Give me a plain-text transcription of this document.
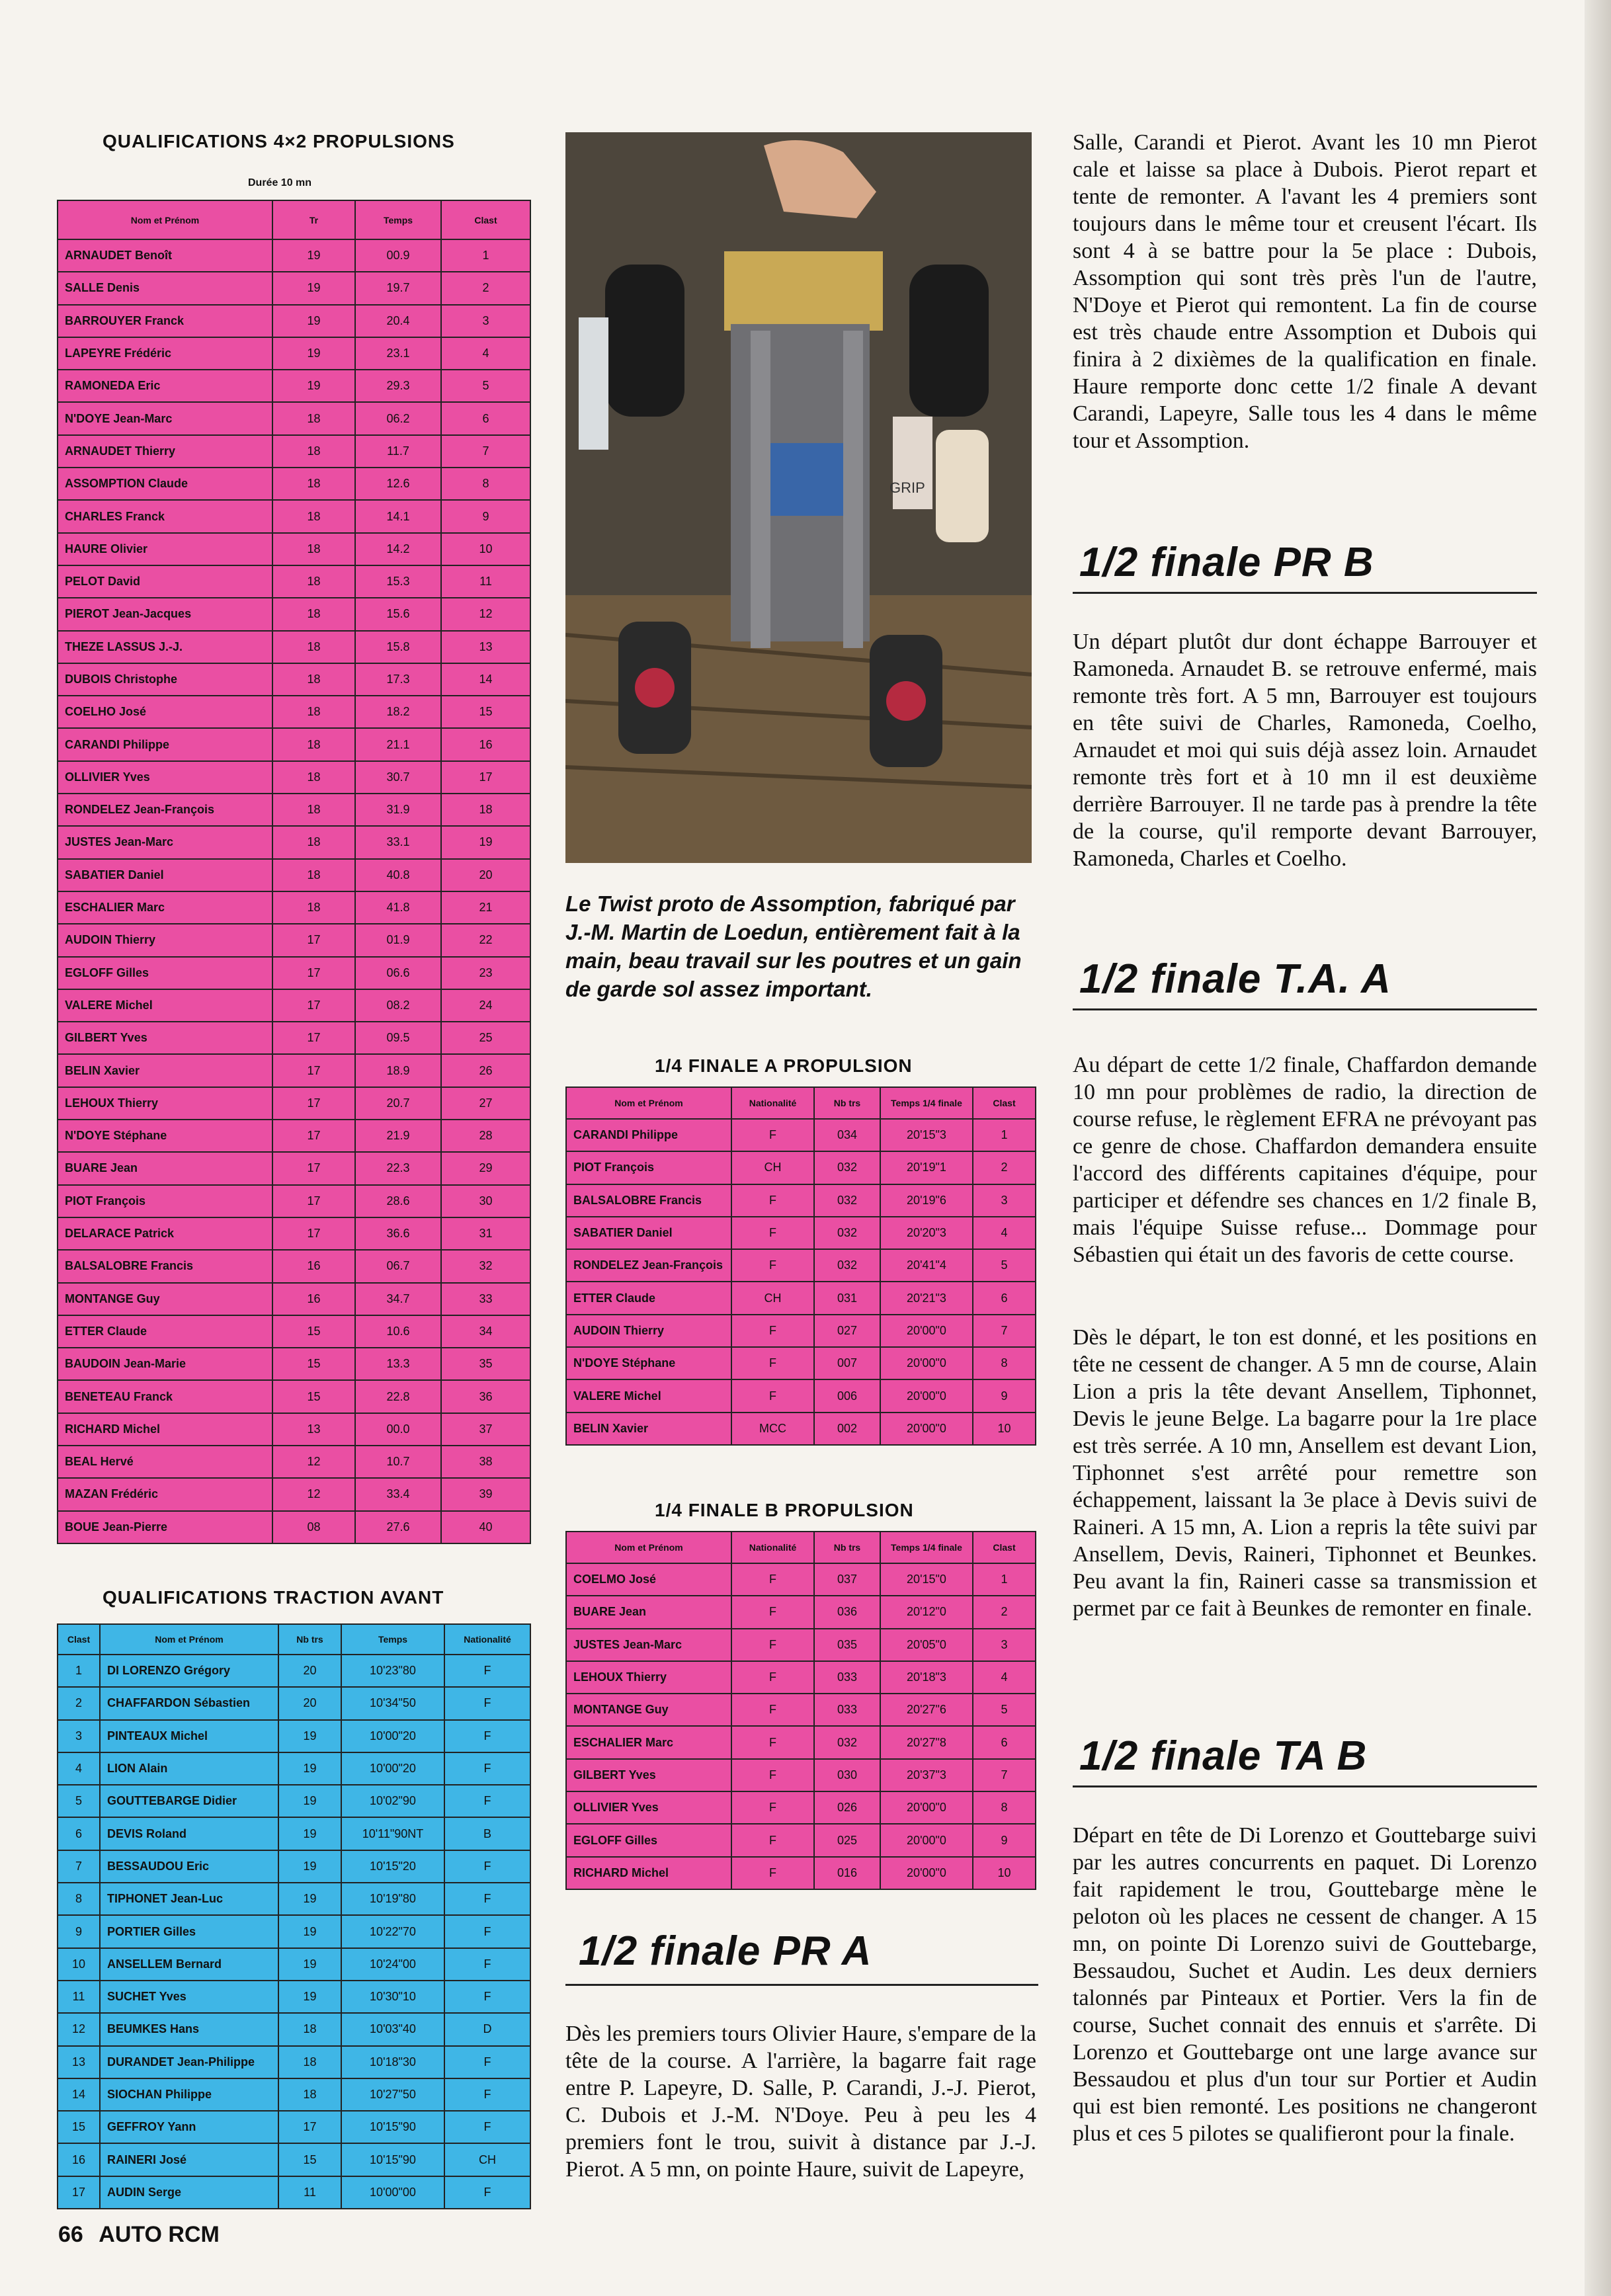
QUALIFICATIONS 4×2 PROPULSIONS
Durée 10 mn
Nom et Prénom	Tr	Temps	Clast
ARNAUDET Benoît	19	00.9	1
SALLE Denis	19	19.7	2
BARROUYER Franck	19	20.4	3
LAPEYRE Frédéric	19	23.1	4
RAMONEDA Eric	19	29.3	5
N'DOYE Jean-Marc	18	06.2	6
ARNAUDET Thierry	18	11.7	7
ASSOMPTION Claude	18	12.6	8
CHARLES Franck	18	14.1	9
HAURE Olivier	18	14.2	10
PELOT David	18	15.3	11
PIEROT Jean-Jacques	18	15.6	12
THEZE LASSUS J.-J.	18	15.8	13
DUBOIS Christophe	18	17.3	14
COELHO José	18	18.2	15
CARANDI Philippe	18	21.1	16
OLLIVIER Yves	18	30.7	17
RONDELEZ Jean-François	18	31.9	18
JUSTES Jean-Marc	18	33.1	19
SABATIER Daniel	18	40.8	20
ESCHALIER Marc	18	41.8	21
AUDOIN Thierry	17	01.9	22
EGLOFF Gilles	17	06.6	23
VALERE Michel	17	08.2	24
GILBERT Yves	17	09.5	25
BELIN Xavier	17	18.9	26
LEHOUX Thierry	17	20.7	27
N'DOYE Stéphane	17	21.9	28
BUARE Jean	17	22.3	29
PIOT François	17	28.6	30
DELARACE Patrick	17	36.6	31
BALSALOBRE Francis	16	06.7	32
MONTANGE Guy	16	34.7	33
ETTER Claude	15	10.6	34
BAUDOIN Jean-Marie	15	13.3	35
BENETEAU Franck	15	22.8	36
RICHARD Michel	13	00.0	37
BEAL Hervé	12	10.7	38
MAZAN Frédéric	12	33.4	39
BOUE Jean-Pierre	08	27.6	40
QUALIFICATIONS TRACTION AVANT
Clast	Nom et Prénom	Nb trs	Temps	Nationalité
1	DI LORENZO Grégory	20	10'23"80	F
2	CHAFFARDON Sébastien	20	10'34"50	F
3	PINTEAUX Michel	19	10'00"20	F
4	LION Alain	19	10'00"20	F
5	GOUTTEBARGE Didier	19	10'02"90	F
6	DEVIS Roland	19	10'11"90NT	B
7	BESSAUDOU Eric	19	10'15"20	F
8	TIPHONET Jean-Luc	19	10'19"80	F
9	PORTIER Gilles	19	10'22"70	F
10	ANSELLEM Bernard	19	10'24"00	F
11	SUCHET Yves	19	10'30"10	F
12	BEUMKES Hans	18	10'03"40	D
13	DURANDET Jean-Philippe	18	10'18"30	F
14	SIOCHAN Philippe	18	10'27"50	F
15	GEFFROY Yann	17	10'15"90	F
16	RAINERI José	15	10'15"90	CH
17	AUDIN Serge	11	10'00"00	F
GRIP
Le Twist proto de Assomption, fabriqué par J.-M. Martin de Loedun, entièrement fait à la main, beau travail sur les poutres et un gain de garde sol assez important.
1/4 FINALE A PROPULSION
Nom et Prénom	Nationalité	Nb trs	Temps 1/4 finale	Clast
CARANDI Philippe	F	034	20'15"3	1
PIOT François	CH	032	20'19"1	2
BALSALOBRE Francis	F	032	20'19"6	3
SABATIER Daniel	F	032	20'20"3	4
RONDELEZ Jean-François	F	032	20'41"4	5
ETTER Claude	CH	031	20'21"3	6
AUDOIN Thierry	F	027	20'00"0	7
N'DOYE Stéphane	F	007	20'00"0	8
VALERE Michel	F	006	20'00"0	9
BELIN Xavier	MCC	002	20'00"0	10
1/4 FINALE B PROPULSION
Nom et Prénom	Nationalité	Nb trs	Temps 1/4 finale	Clast
COELMO José	F	037	20'15"0	1
BUARE Jean	F	036	20'12"0	2
JUSTES Jean-Marc	F	035	20'05"0	3
LEHOUX Thierry	F	033	20'18"3	4
MONTANGE Guy	F	033	20'27"6	5
ESCHALIER Marc	F	032	20'27"8	6
GILBERT Yves	F	030	20'37"3	7
OLLIVIER Yves	F	026	20'00"0	8
EGLOFF Gilles	F	025	20'00"0	9
RICHARD Michel	F	016	20'00"0	10
1/2 finale PR A

Dès les premiers tours Olivier Haure, s'empare de la tête de la course. A l'arrière, la bagarre fait rage entre P. Lapeyre, D. Salle, P. Carandi, J.-J. Pierot, C. Dubois et J.-M. N'Doye. Peu à peu les 4 premiers font le trou, suivit à distance par J.-J. Pierot. A 5 mn, on pointe Haure, suivit de Lapeyre,

Salle, Carandi et Pierot. Avant les 10 mn Pierot cale et laisse sa place à Dubois. Pierot repart et tente de remonter. A l'avant les 4 premiers sont toujours dans le même tour et creusent l'écart. Ils sont 4 à se battre pour la 5e place : Dubois, Assomption qui sont très près l'un de l'autre, N'Doye et Pierot qui remontent. La fin de course est très chaude entre Assomption et Dubois qui finira à 2 dixièmes de la qualification en finale. Haure remporte donc cette 1/2 finale A devant Carandi, Lapeyre, Salle tous les 4 dans le même tour et Assomption.

1/2 finale PR B

Un départ plutôt dur dont échappe Barrouyer et Ramoneda. Arnaudet B. se retrouve enfermé, mais remonte très fort. A 5 mn, Barrouyer est toujours en tête suivi de Charles, Ramoneda, Coelho, Arnaudet et moi qui suis déjà assez loin. Arnaudet remonte très fort et à 10 mn il est deuxième derrière Barrouyer. Il ne tarde pas à prendre la tête de la course, qu'il remporte devant Barrouyer, Ramoneda, Charles et Coelho.

1/2 finale T.A. A

Au départ de cette 1/2 finale, Chaffardon demande 10 mn pour problèmes de radio, la direction de course refuse, le règlement EFRA ne prévoyant pas ce genre de chose. Chaffardon demandera ensuite l'accord des différents capitaines d'équipe, pour participer et défendre ses chances en 1/2 finale B, mais l'équipe Suisse refuse... Dommage pour Sébastien qui était un des favoris de cette course.

Dès le départ, le ton est donné, et les positions en tête ne cessent de changer. A 5 mn de course, Alain Lion a pris la tête devant Ansellem, Tiphonnet, Devis le jeune Belge. La bagarre pour la 1re place est très serrée. A 10 mn, Ansellem est devant Lion, Tiphonnet s'est arrêté pour remettre son échappement, laissant la 3e place à Devis suivi de Raineri. A 15 mn, A. Lion a repris la tête suivi par Ansellem, Devis, Raineri, Tiphonnet et Beunkes. Peu avant la fin, Raineri casse sa transmission et permet par ce fait à Beunkes de remonter en finale.

1/2 finale TA B

Départ en tête de Di Lorenzo et Gouttebarge suivi par les autres concurrents en paquet. Di Lorenzo fait rapidement le trou, Gouttebarge mène le peloton où les places ne cessent de changer. A 15 mn, on pointe Di Lorenzo suivi de Gouttebarge, Bessaudou, Suchet et Audin. Les deux derniers talonnés par Pinteaux et Portier. Vers la fin de course, Suchet connait des ennuis et s'arrête. Di Lorenzo et Gouttebarge ont une large avance sur Bessaudou et plus d'un tour sur Portier et Audin qui est bien remonté. Les positions ne changeront plus et ces 5 pilotes se qualifieront pour la finale.

66 AUTO RCM
